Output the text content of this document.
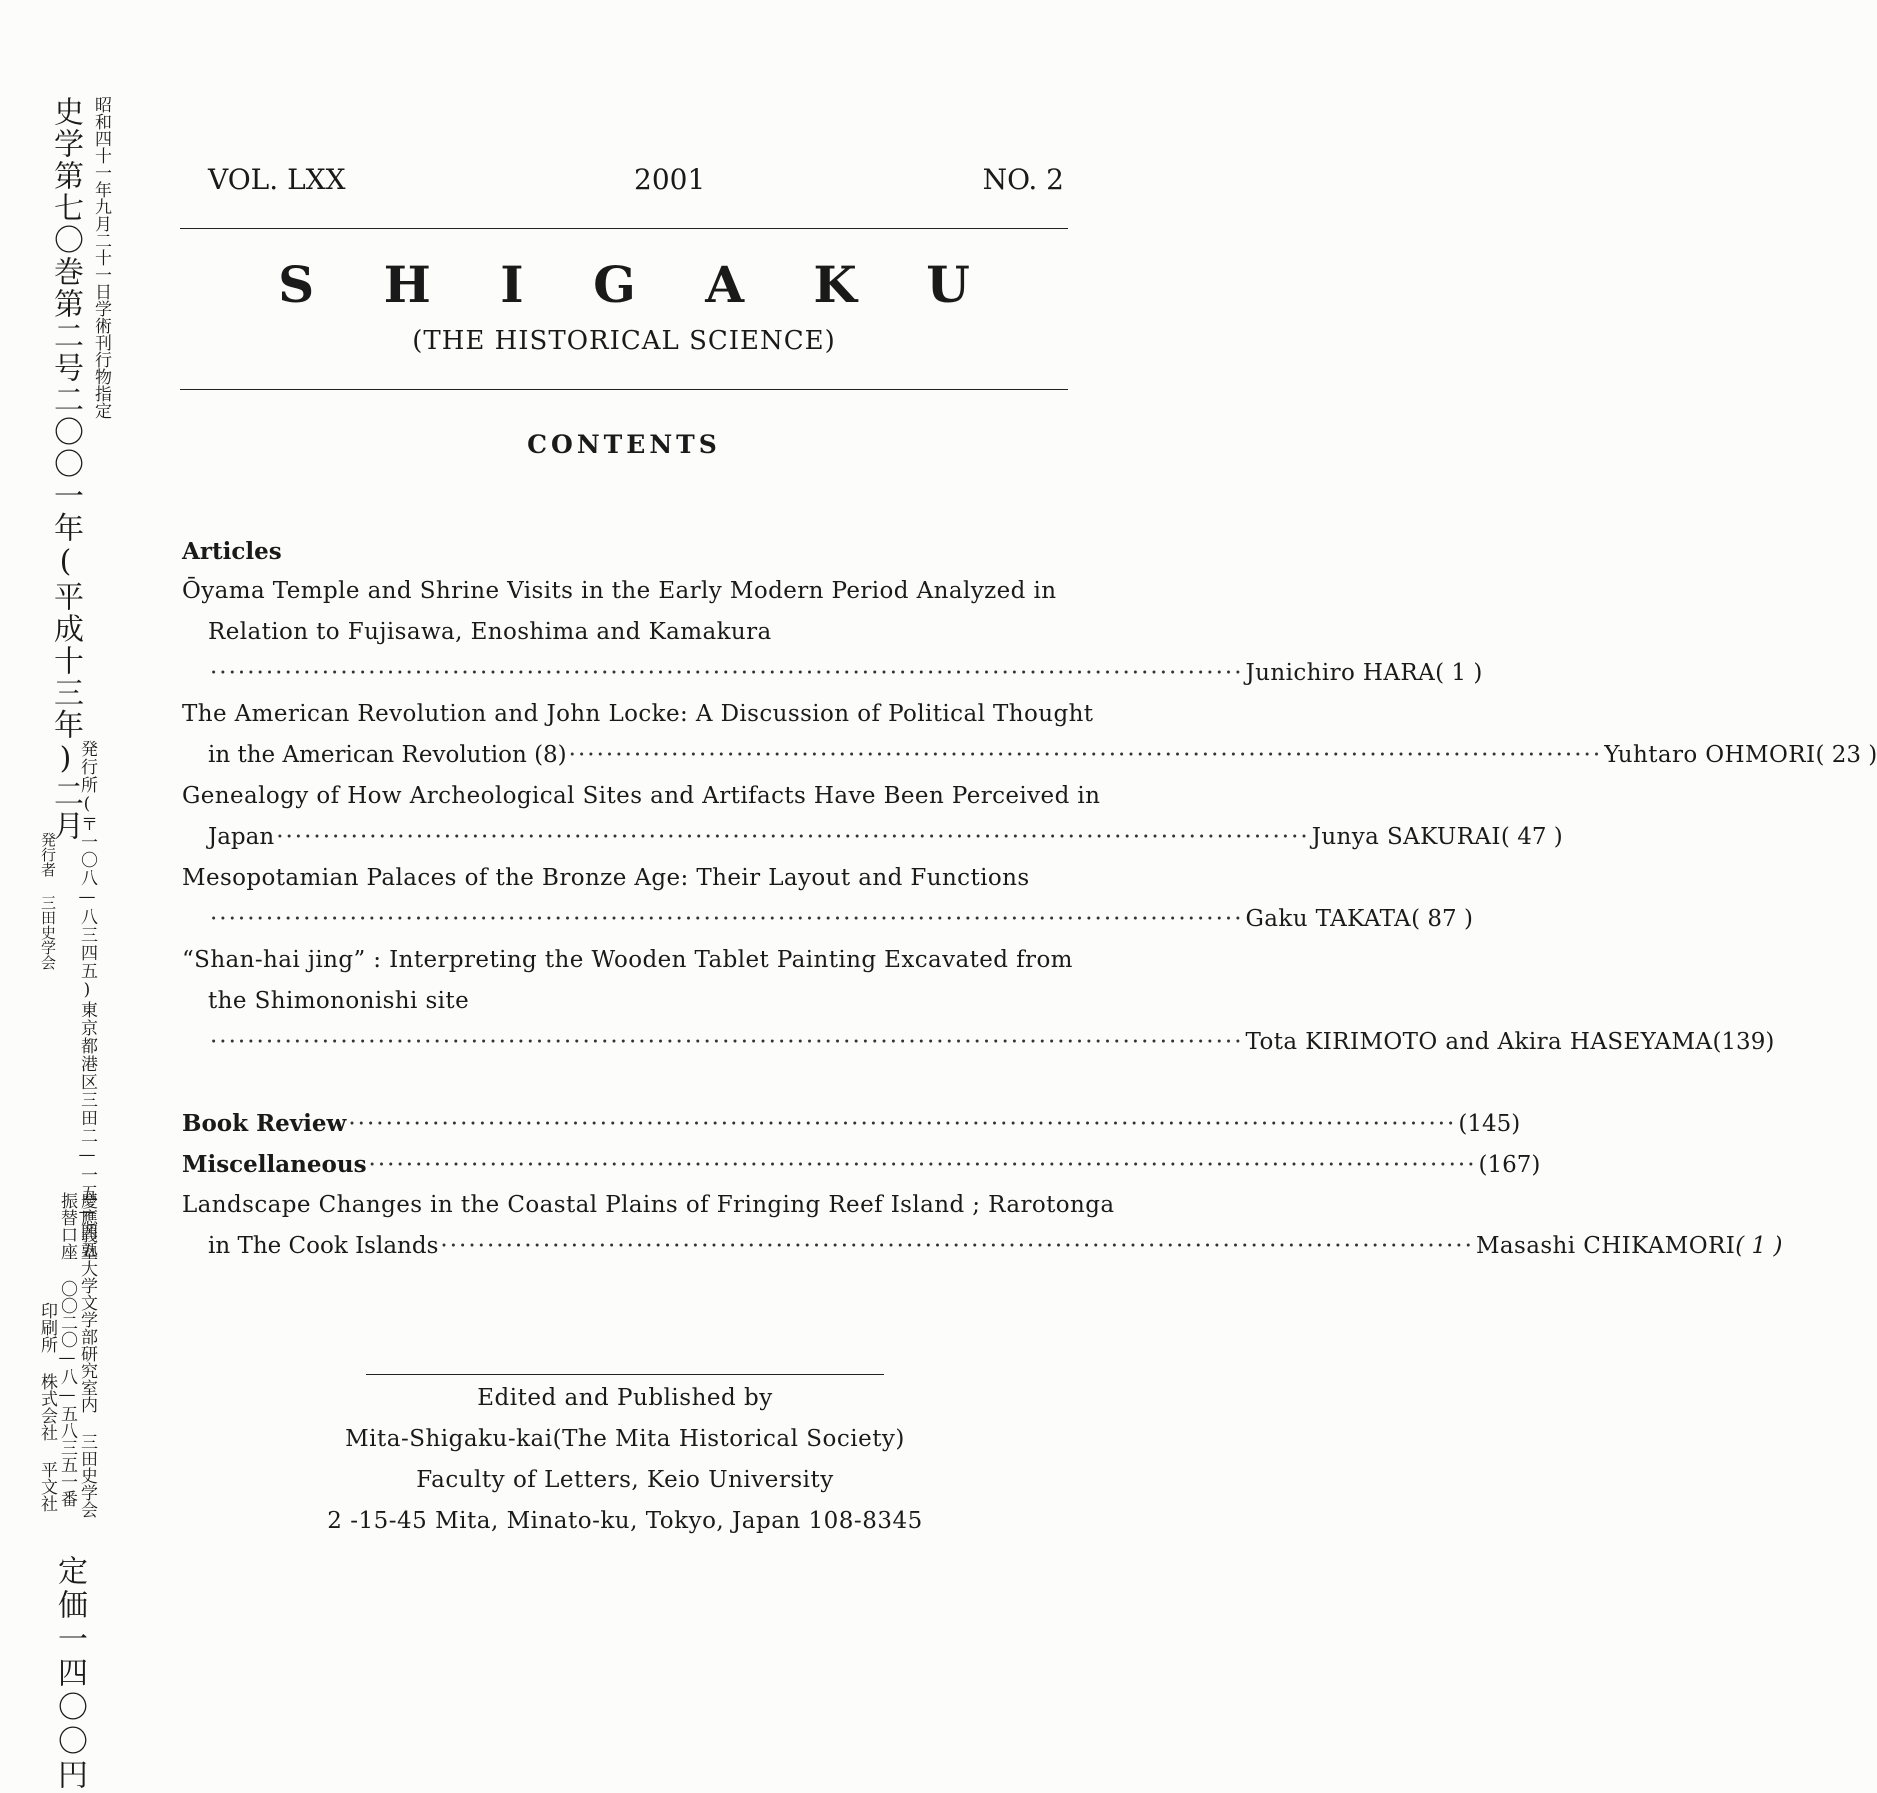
史学第七〇巻第二号二〇〇一年(平成十三年)二月 昭和四十一年九月二十一日学術刊行物指定
発行所(〒一〇八—八三四五)東京都港区三田二—一五—四五
発行者 三田史学会
慶應義塾大学文学部研究室内 三田史学会
振替口座 〇〇二〇—八—五八三五一番
印刷所 株式会社 平文社
定価一四〇〇円
VOL. LXX	2001	NO. 2
S H I G A K U
(THE HISTORICAL SCIENCE)
CONTENTS
Articles
Ōyama Temple and Shrine Visits in the Early Modern Period Analyzed in
Relation to Fujisawa, Enoshima and Kamakura
··············································································································· Junichiro HARA ( 1 )
The American Revolution and John Locke: A Discussion of Political Thought
in the American Revolution (8) ··············································································································· Yuhtaro OHMORI ( 23 )
Genealogy of How Archeological Sites and Artifacts Have Been Perceived in
Japan ··············································································································· Junya SAKURAI ( 47 )
Mesopotamian Palaces of the Bronze Age: Their Layout and Functions
··············································································································· Gaku TAKATA ( 87 )
“Shan-hai jing” : Interpreting the Wooden Tablet Painting Excavated from
the Shimononishi site
··············································································································· Tota KIRIMOTO and Akira HASEYAMA (139)
Book Review ······················································································································· (145)
Miscellaneous ······················································································································· (167)
Landscape Changes in the Coastal Plains of Fringing Reef Island ; Rarotonga
in The Cook Islands ··············································································································· Masashi CHIKAMORI ( 1 )
Edited and Published by
Mita-Shigaku-kai(The Mita Historical Society)
Faculty of Letters, Keio University
2 -15-45 Mita, Minato-ku, Tokyo, Japan 108-8345
